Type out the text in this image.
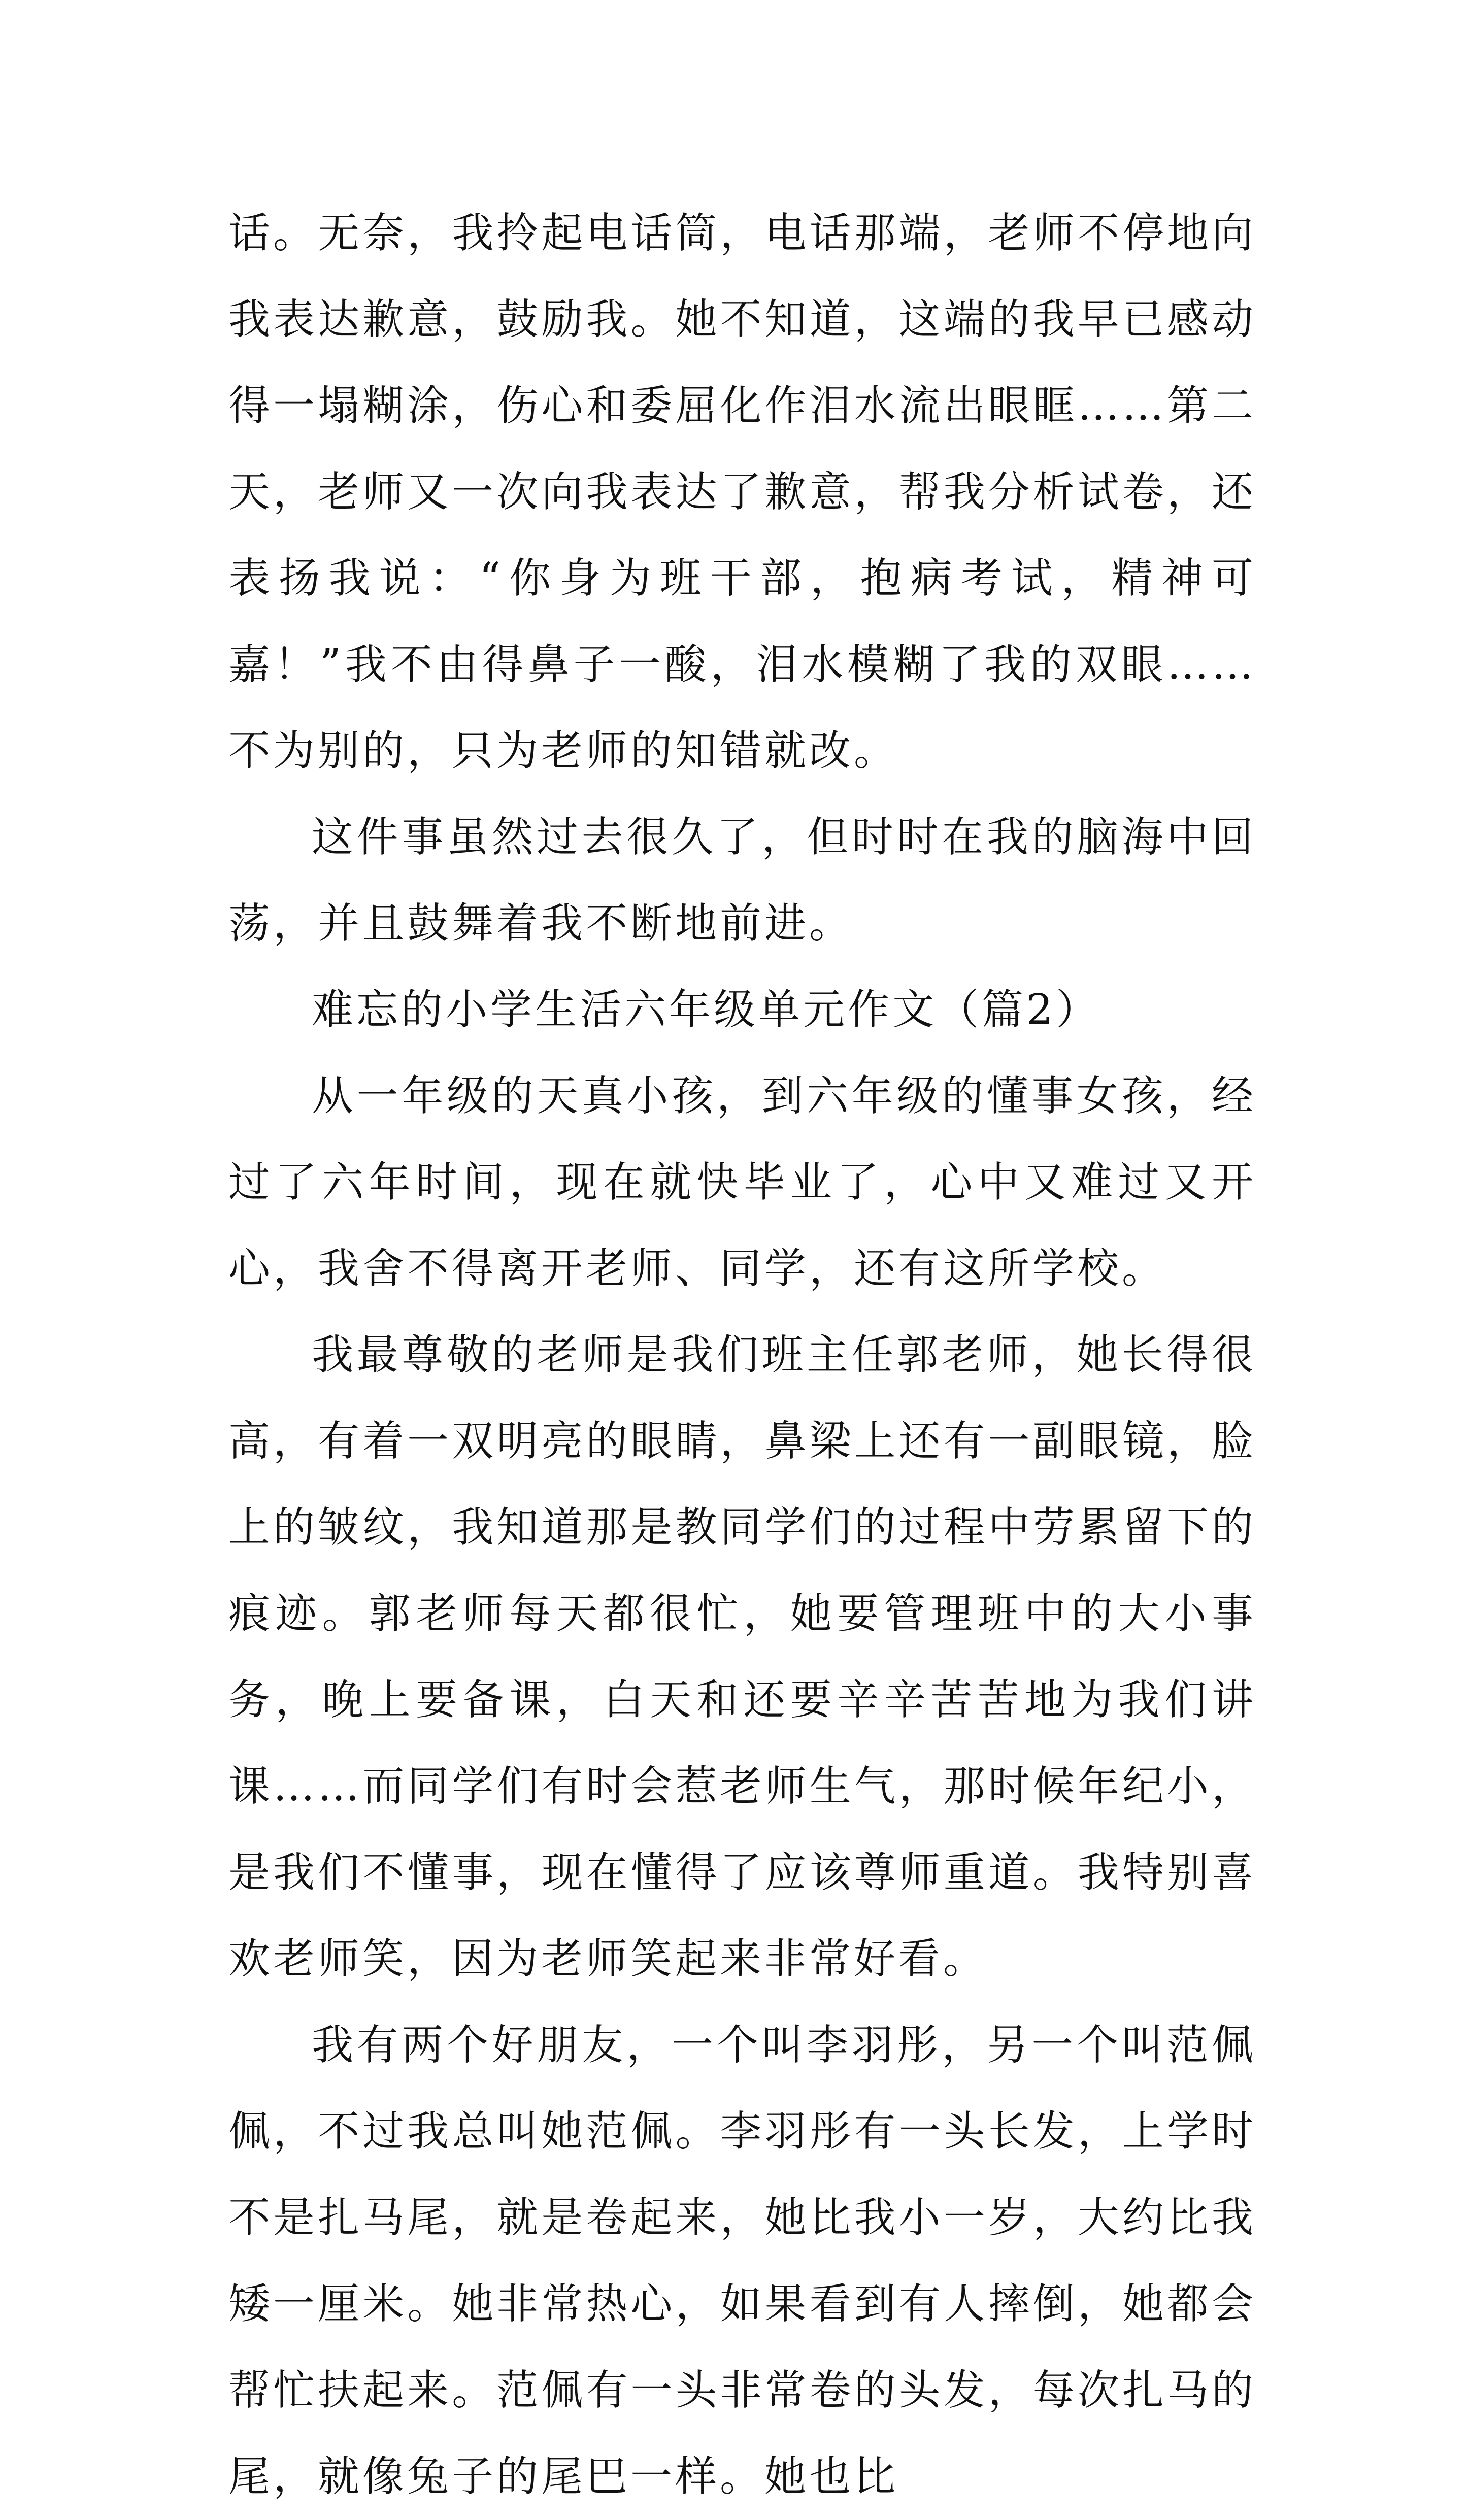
话。无奈，我拎起电话筒，电话那端，老师不停地向我表达歉意，鼓励我。她不知道，这端的我早已感动得一塌糊涂，伤心和委屈化作泪水流出眼眶……第二天，老师又一次向我表达了歉意，帮我分析试卷，还表扬我说：“你身为班干部，抱病考试，精神可嘉！”我不由得鼻子一酸，泪水模糊了我的双眼……不为别的，只为老师的知错就改。

这件事虽然过去很久了，但时时在我的脑海中回荡，并且鼓舞着我不断地前进。

难忘的小学生活六年级单元作文（篇2）

从一年级的天真小孩，到六年级的懂事女孩，经过了六年时间，现在就快毕业了，心中又难过又开心，我舍不得离开老师、同学，还有这所学校。

我最尊敬的老师是我们班主任郭老师，她长得很高，有着一双明亮的眼睛，鼻梁上还有一副眼镜，脸上的皱纹，我知道那是教同学们的过程中劳累留下的痕迹。郭老师每天都很忙，她要管理班中的大小事务，晚上要备课，白天和还要辛辛苦苦地为我们讲课……而同学们有时会惹老师生气，那时候年纪小，是我们不懂事，现在懂得了应该尊师重道。我特别喜欢老师笑，因为老师笑起来非常好看。

我有两个好朋友，一个叫李羽彤，另一个叫范佩佩，不过我总叫她范佩。李羽彤有一头长发，上学时不是扎马尾，就是卷起来，她比我小一岁，大约比我矮一厘米。她非常热心，如果看到有人摔倒，她都会帮忙扶起来。范佩有一头非常卷的头发，每次扎马的尾，就像兔子的尾巴一样。她也比
